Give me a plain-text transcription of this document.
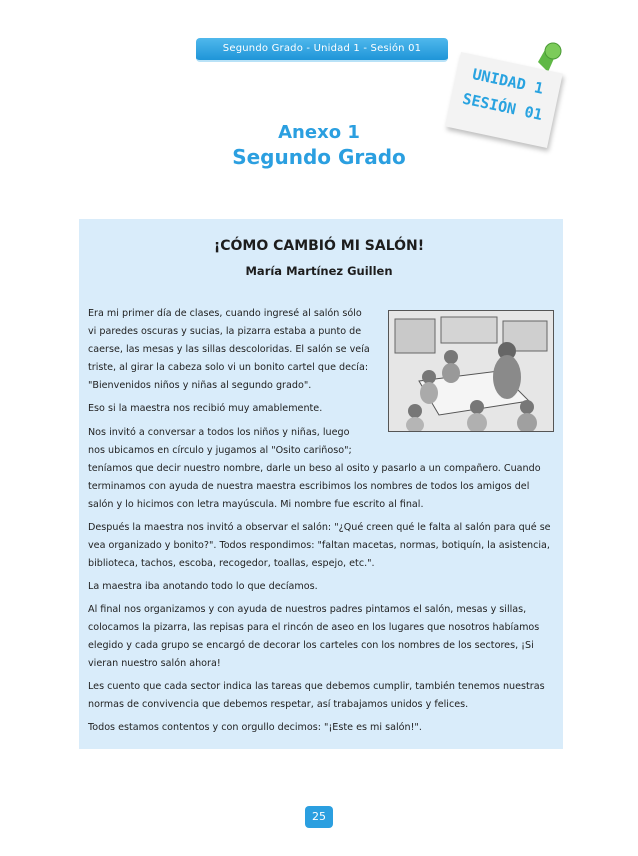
Segundo Grado - Unidad 1 - Sesión 01
UNIDAD 1
SESIÓN 01
Anexo 1
Segundo Grado
¡CÓMO CAMBIÓ MI SALÓN!
María Martínez Guillen

Era mi primer día de clases, cuando ingresé al salón sólo

vi paredes oscuras y sucias, la pizarra estaba a punto de

caerse, las mesas y las sillas descoloridas. El salón se veía

triste, al girar la cabeza solo vi un bonito cartel que decía:

"Bienvenidos niños y niñas al segundo grado".

Eso si la maestra nos recibió muy amablemente.

Nos invitó a conversar a todos los niños y niñas, luego

nos ubicamos en círculo y jugamos al "Osito cariñoso";

teníamos que decir nuestro nombre, darle un beso al osito y pasarlo a un compañero. Cuando

terminamos con ayuda de nuestra maestra escribimos los nombres de todos los amigos del

salón y lo hicimos con letra mayúscula. Mi nombre fue escrito al final.

Después la maestra nos invitó a observar el salón: "¿Qué creen qué le falta al salón para qué se

vea organizado y bonito?". Todos respondimos: "faltan macetas, normas, botiquín, la asistencia,

biblioteca, tachos, escoba, recogedor, toallas, espejo, etc.".

La maestra iba anotando todo lo que decíamos.

Al final nos organizamos y con ayuda de nuestros padres pintamos el salón, mesas y sillas,

colocamos la pizarra, las repisas para el rincón de aseo en los lugares que nosotros habíamos

elegido y cada grupo se encargó de decorar los carteles con los nombres de los sectores, ¡Si

vieran nuestro salón ahora!

Les cuento que cada sector indica las tareas que debemos cumplir, también tenemos nuestras

normas de convivencia que debemos respetar, así trabajamos unidos y felices.

Todos estamos contentos y con orgullo decimos: "¡Este es mi salón!".

25
